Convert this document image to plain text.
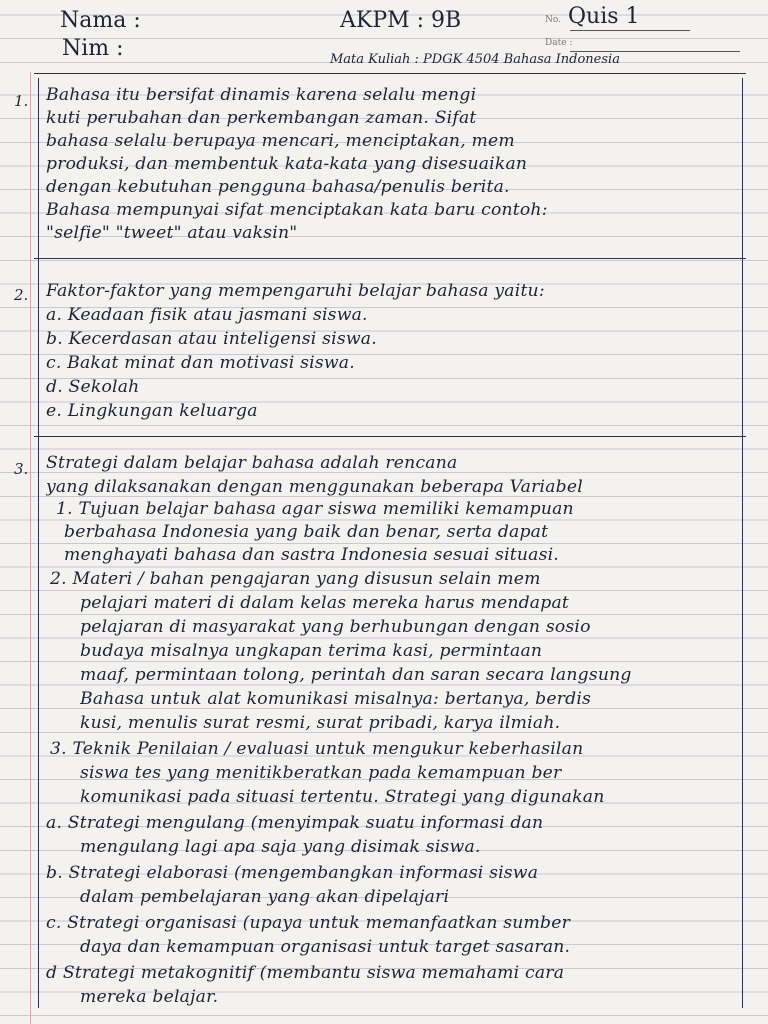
Nama :
Nim :
AKPM : 9B	No. Quis 1
Date :
Mata Kuliah : PDGK 4504 Bahasa Indonesia
1. Bahasa itu bersifat dinamis karena selalu mengi
kuti perubahan dan perkembangan zaman. Sifat
bahasa selalu berupaya mencari, menciptakan, mem
produksi, dan membentuk kata-kata yang disesuaikan
dengan kebutuhan pengguna bahasa/penulis berita.
Bahasa mempunyai sifat menciptakan kata baru contoh:
"selfie" "tweet" atau vaksin"
2. Faktor-faktor yang mempengaruhi belajar bahasa yaitu:
a. Keadaan fisik atau jasmani siswa.
b. Kecerdasan atau inteligensi siswa.
c. Bakat minat dan motivasi siswa.
d. Sekolah
e. Lingkungan keluarga
3. Strategi dalam belajar bahasa adalah rencana
yang dilaksanakan dengan menggunakan beberapa Variabel
1. Tujuan belajar bahasa agar siswa memiliki kemampuan
berbahasa Indonesia yang baik dan benar, serta dapat
menghayati bahasa dan sastra Indonesia sesuai situasi.
2. Materi / bahan pengajaran yang disusun selain mem
pelajari materi di dalam kelas mereka harus mendapat
pelajaran di masyarakat yang berhubungan dengan sosio
budaya misalnya ungkapan terima kasi, permintaan
maaf, permintaan tolong, perintah dan saran secara langsung
Bahasa untuk alat komunikasi misalnya: bertanya, berdis
kusi, menulis surat resmi, surat pribadi, karya ilmiah.
3. Teknik Penilaian / evaluasi untuk mengukur keberhasilan
siswa tes yang menitikberatkan pada kemampuan ber
komunikasi pada situasi tertentu. Strategi yang digunakan
a. Strategi mengulang (menyimpak suatu informasi dan
mengulang lagi apa saja yang disimak siswa.
b. Strategi elaborasi (mengembangkan informasi siswa
dalam pembelajaran yang akan dipelajari
c. Strategi organisasi (upaya untuk memanfaatkan sumber
daya dan kemampuan organisasi untuk target sasaran.
d Strategi metakognitif (membantu siswa memahami cara
mereka belajar.
